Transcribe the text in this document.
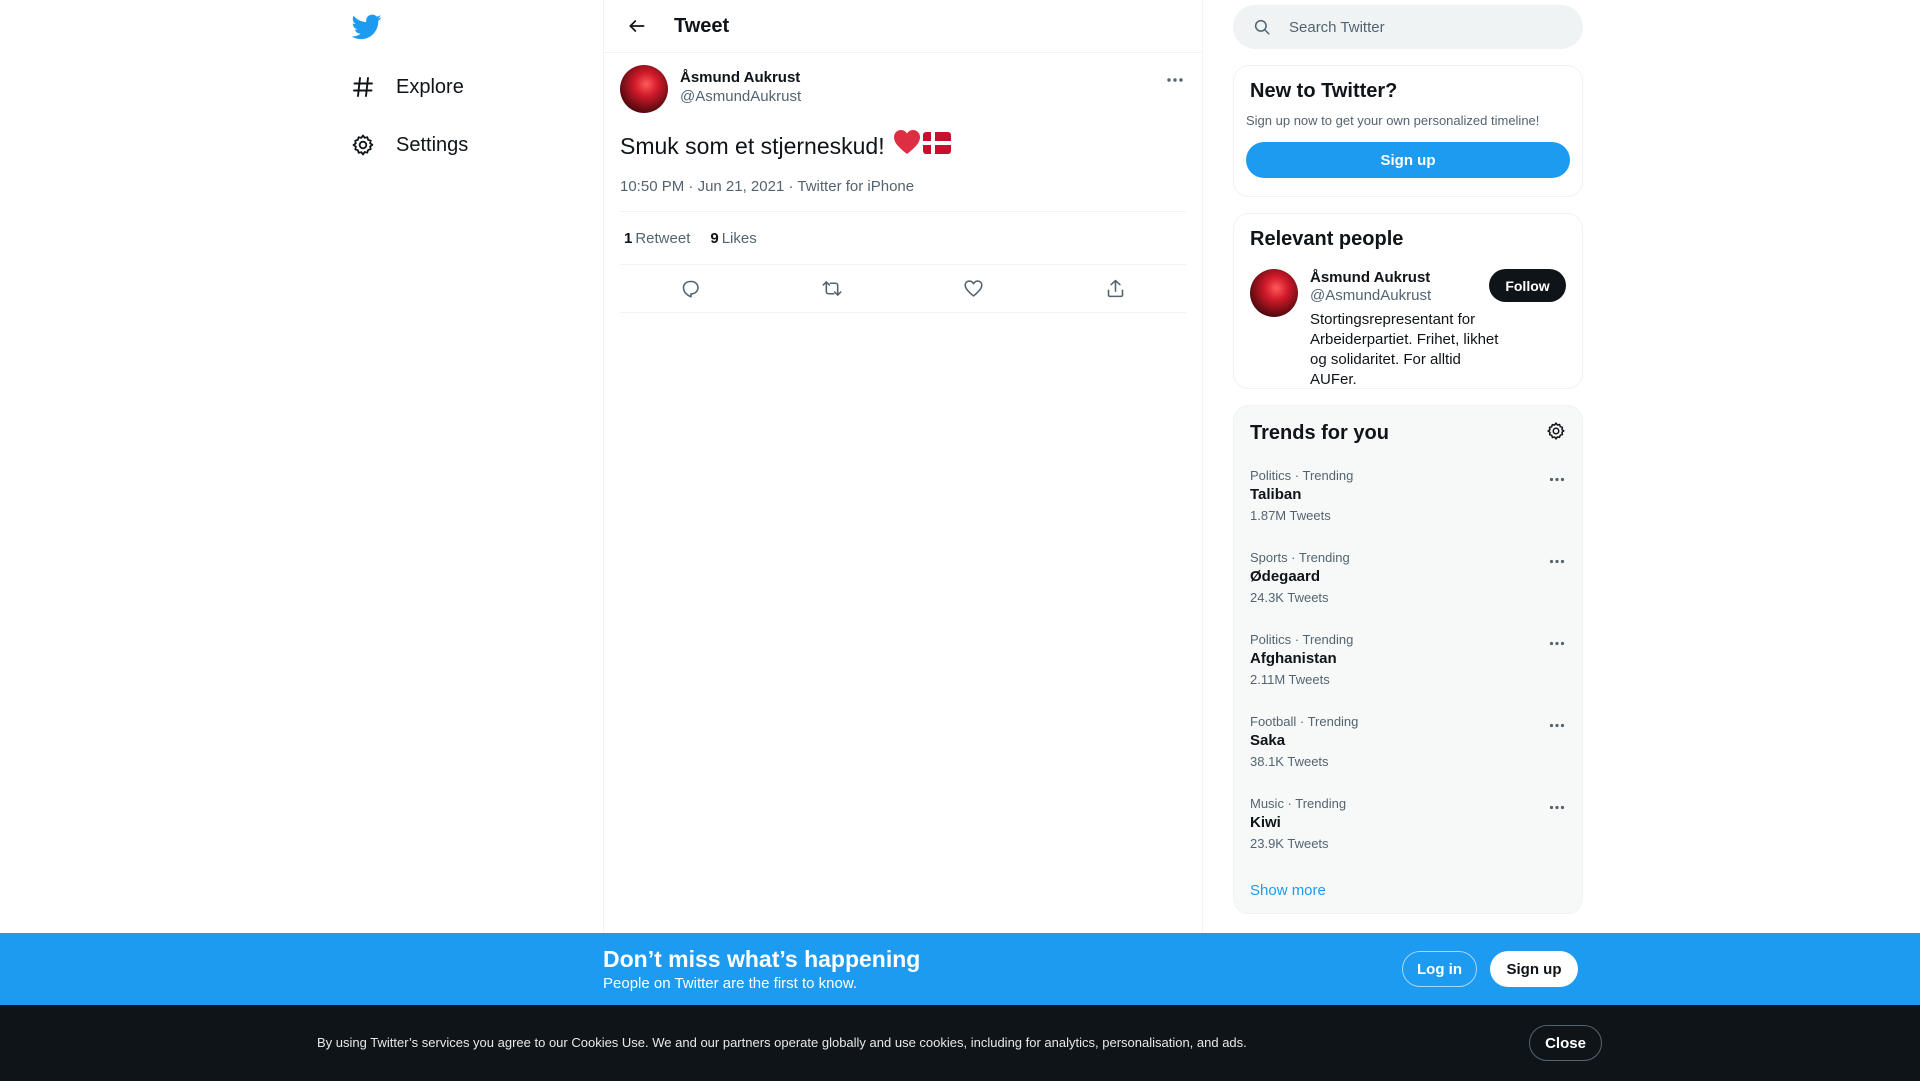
Explore
Settings
Tweet
Åsmund Aukrust
@AsmundAukrust
Smuk som et stjerneskud!
10:50 PM · Jun 21, 2021 · Twitter for iPhone
1 Retweet 9 Likes
Search Twitter
New to Twitter?
Sign up now to get your own personalized timeline!
Sign up
Relevant people
Åsmund Aukrust
@AsmundAukrust
Stortingsrepresentant for Arbeiderpartiet. Frihet, likhet og solidaritet. For alltid AUFer.
Follow
Trends for you
Politics · Trending
Taliban
1.87M Tweets
Sports · Trending
Ødegaard
24.3K Tweets
Politics · Trending
Afghanistan
2.11M Tweets
Football · Trending
Saka
38.1K Tweets
Music · Trending
Kiwi
23.9K Tweets
Show more
Don’t miss what’s happening
People on Twitter are the first to know.
Log in	Sign up
By using Twitter’s services you agree to our Cookies Use. We and our partners operate globally and use cookies, including for analytics, personalisation, and ads.	Close
